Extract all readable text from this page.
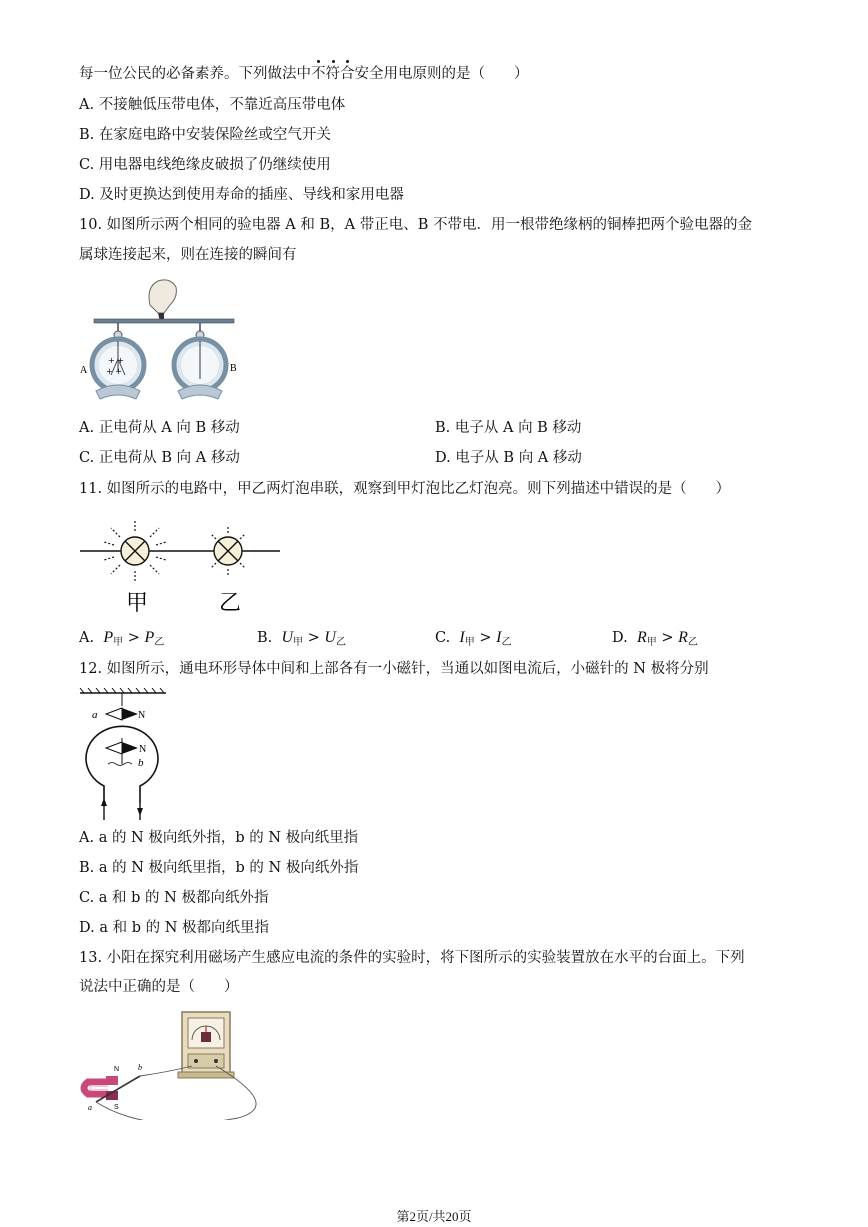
每一位公民的必备素养。下列做法中不
符
合
安全用电原则的是（　　）
A. 不接触低压带电体，不靠近高压带电体
B. 在家庭电路中安装保险丝或空气开关
C. 用电器电线绝缘皮破损了仍继续使用
D. 及时更换达到使用寿命的插座、导线和家用电器
10. 如图所示两个相同的验电器 A 和 B，A 带正电、B 不带电．用一根带绝缘柄的铜棒把两个验电器的金
属球连接起来，则在连接的瞬间有
+ +
+ +
A	B
A. 正电荷从 A 向 B 移动	B. 电子从 A 向 B 移动
C. 正电荷从 B 向 A 移动	D. 电子从 B 向 A 移动
11. 如图所示的电路中，甲乙两灯泡串联，观察到甲灯泡比乙灯泡亮。则下列描述中错误的是（　　）
甲	乙
A. $P_甲 > P_乙$	B. $U_甲 > U_乙$	C. $I_甲 > I_乙$	D. $R_甲 > R_乙$
12. 如图所示，通电环形导体中间和上部各有一小磁针，当通以如图电流后，小磁针的 N 极将分别
a	N
N
b
A. a 的 N 极向纸外指，b 的 N 极向纸里指
B. a 的 N 极向纸里指，b 的 N 极向纸外指
C. a 和 b 的 N 极都向纸外指
D. a 和 b 的 N 极都向纸里指
13. 小阳在探究利用磁场产生感应电流的条件的实验时，将下图所示的实验装置放在水平的台面上。下列
说法中正确的是（　　）
N
S
a
b
第2页/共20页
